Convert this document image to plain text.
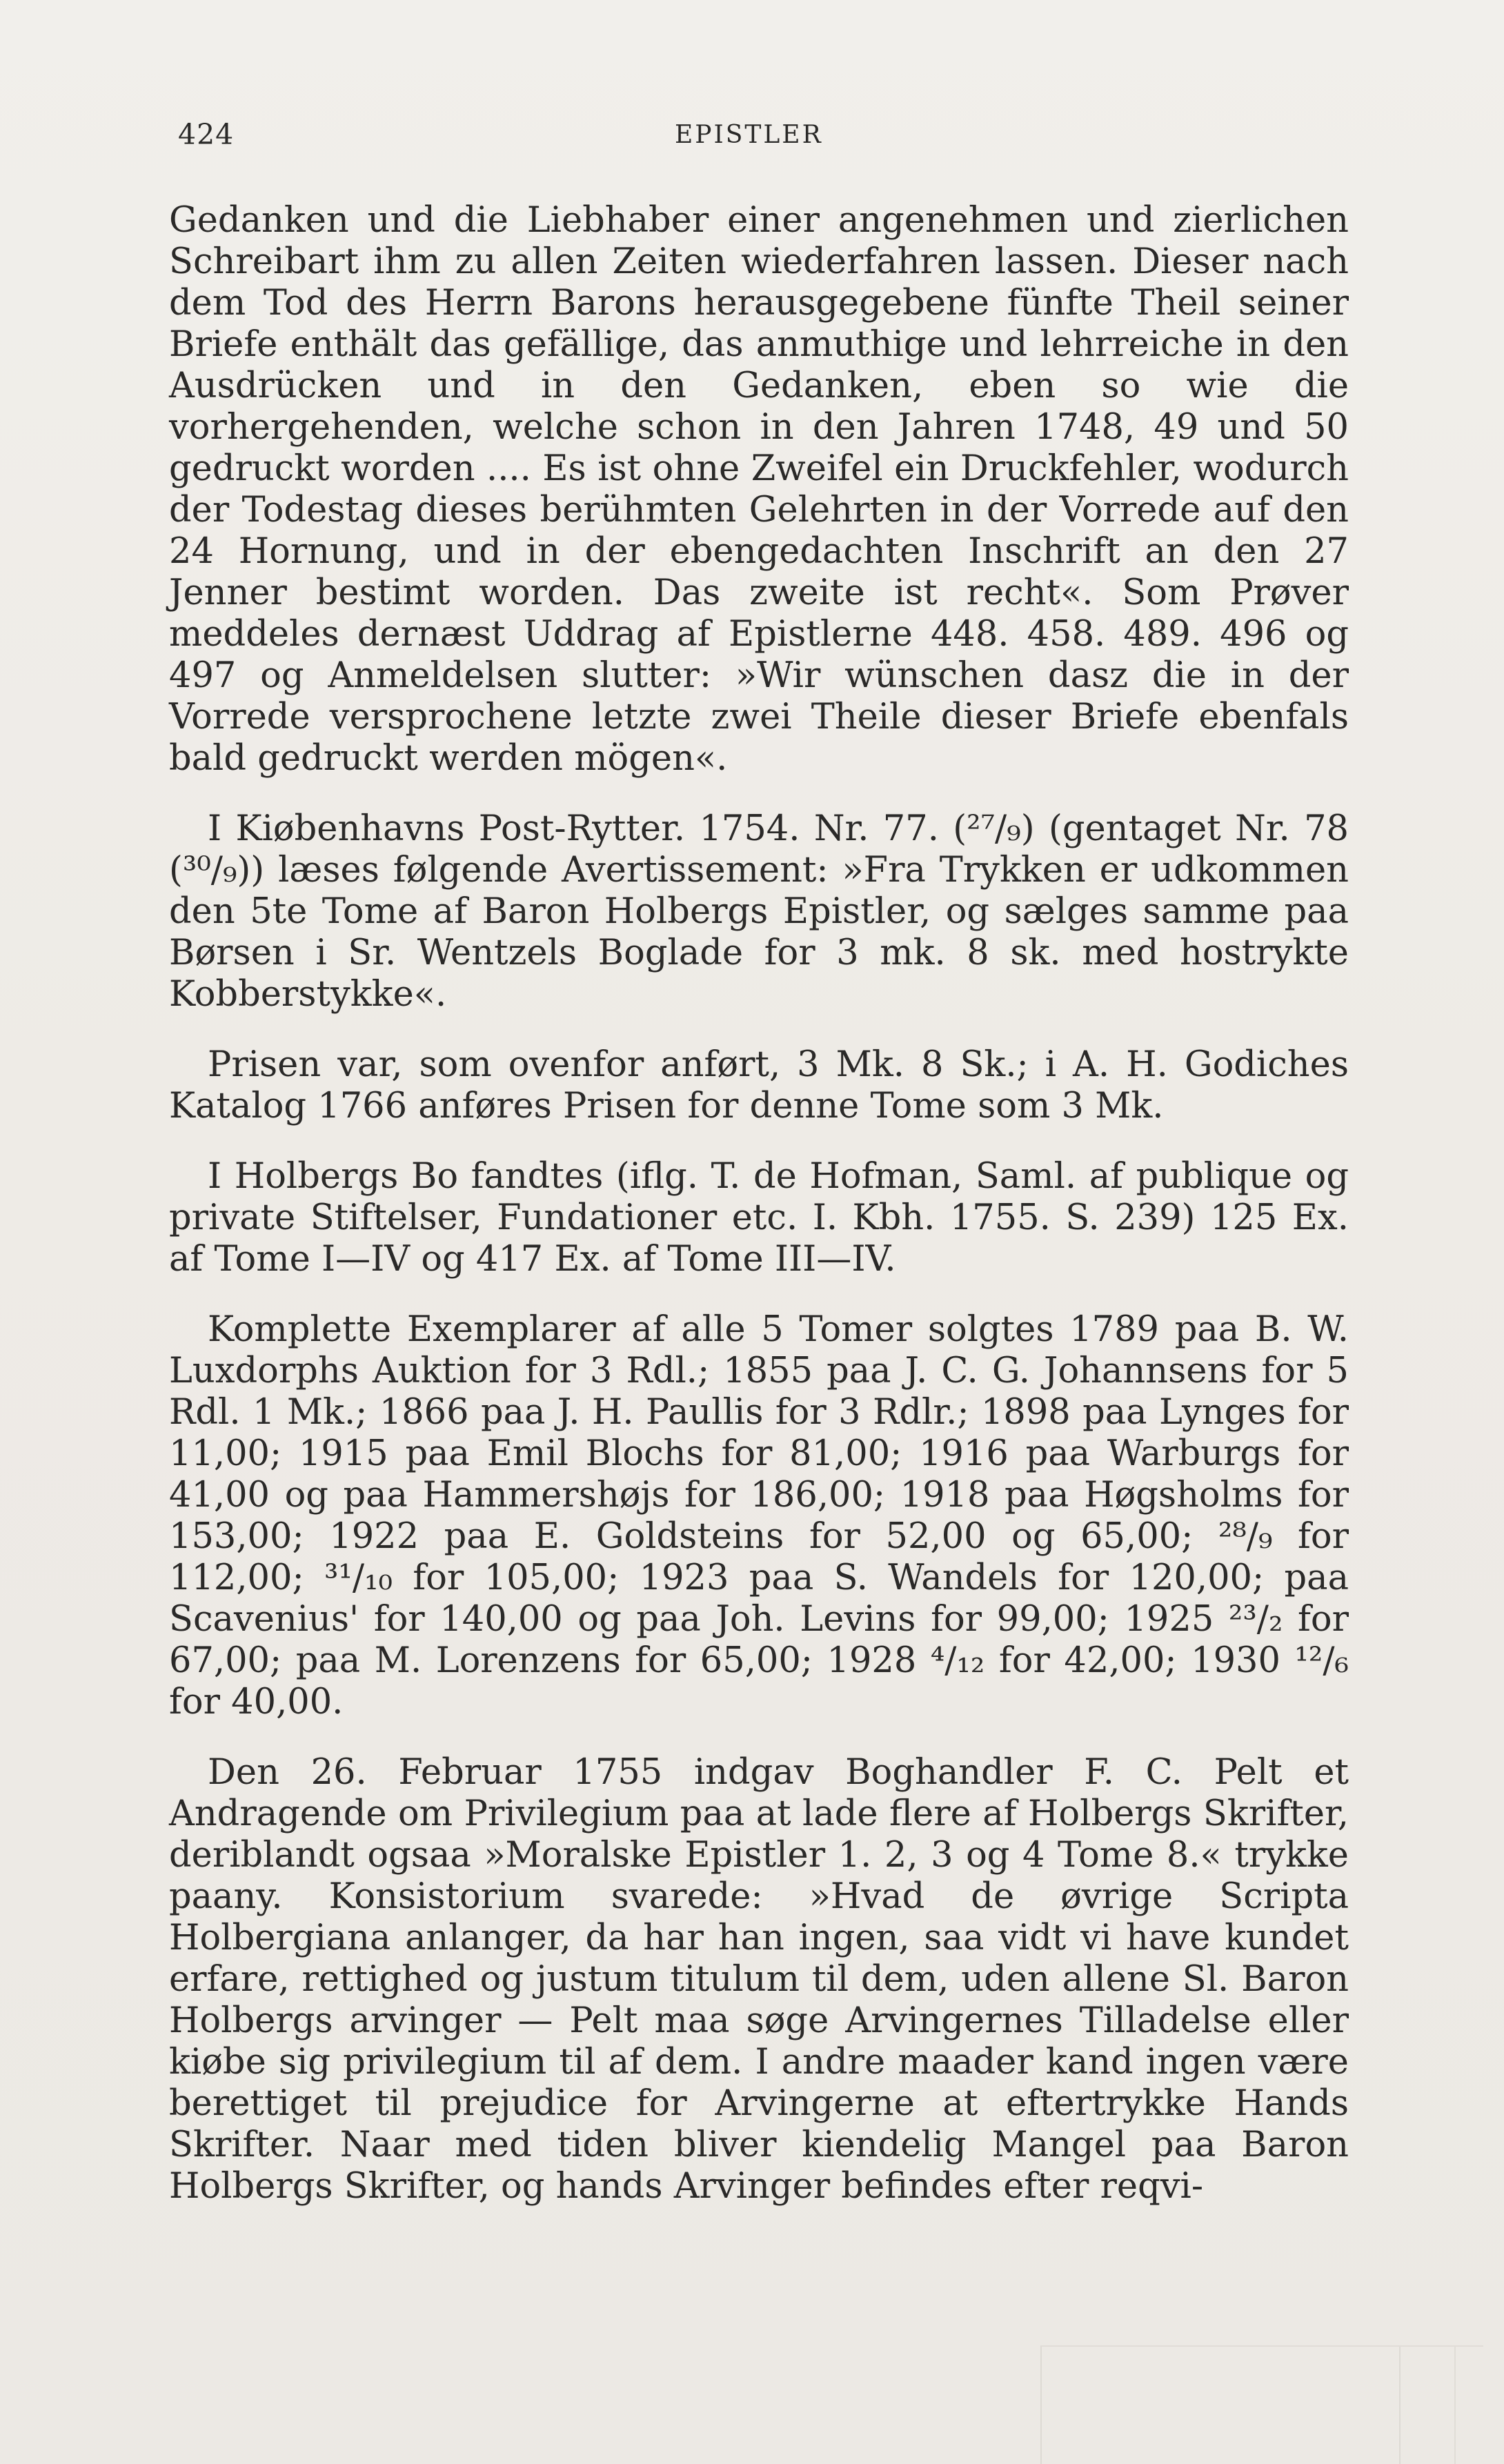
424	EPISTLER

Gedanken und die Liebhaber einer angenehmen und zierlichen Schreibart ihm zu allen Zeiten wiederfahren lassen. Dieser nach dem Tod des Herrn Barons herausgegebene fünfte Theil seiner Briefe enthält das gefällige, das anmuthige und lehrreiche in den Ausdrücken und in den Gedanken, eben so wie die vorhergehenden, welche schon in den Jahren 1748, 49 und 50 gedruckt worden .... Es ist ohne Zweifel ein Druckfehler, wodurch der Todestag dieses berühmten Gelehrten in der Vorrede auf den 24 Hornung, und in der ebengedachten Inschrift an den 27 Jenner bestimt worden. Das zweite ist recht«. Som Prøver meddeles dernæst Uddrag af Epistlerne 448. 458. 489. 496 og 497 og Anmeldelsen slutter: »Wir wünschen dasz die in der Vorrede versprochene letzte zwei Theile dieser Briefe ebenfals bald gedruckt werden mögen«.

I Kiøbenhavns Post-Rytter. 1754. Nr. 77. (²⁷/₉) (gentaget Nr. 78 (³⁰/₉)) læses følgende Avertissement: »Fra Trykken er udkommen den 5te Tome af Baron Holbergs Epistler, og sælges samme paa Børsen i Sr. Wentzels Boglade for 3 mk. 8 sk. med hostrykte Kobberstykke«.

Prisen var, som ovenfor anført, 3 Mk. 8 Sk.; i A. H. Godiches Katalog 1766 anføres Prisen for denne Tome som 3 Mk.

I Holbergs Bo fandtes (iflg. T. de Hofman, Saml. af publique og private Stiftelser, Fundationer etc. I. Kbh. 1755. S. 239) 125 Ex. af Tome I—IV og 417 Ex. af Tome III—IV.

Komplette Exemplarer af alle 5 Tomer solgtes 1789 paa B. W. Luxdorphs Auktion for 3 Rdl.; 1855 paa J. C. G. Johannsens for 5 Rdl. 1 Mk.; 1866 paa J. H. Paullis for 3 Rdlr.; 1898 paa Lynges for 11,00; 1915 paa Emil Blochs for 81,00; 1916 paa Warburgs for 41,00 og paa Hammershøjs for 186,00; 1918 paa Høgsholms for 153,00; 1922 paa E. Goldsteins for 52,00 og 65,00; ²⁸/₉ for 112,00; ³¹/₁₀ for 105,00; 1923 paa S. Wandels for 120,00; paa Scavenius' for 140,00 og paa Joh. Levins for 99,00; 1925 ²³/₂ for 67,00; paa M. Lorenzens for 65,00; 1928 ⁴/₁₂ for 42,00; 1930 ¹²/₆ for 40,00.

Den 26. Februar 1755 indgav Boghandler F. C. Pelt et Andragende om Privilegium paa at lade flere af Holbergs Skrifter, deriblandt ogsaa »Moralske Epistler 1. 2, 3 og 4 Tome 8.« trykke paany. Konsistorium svarede: »Hvad de øvrige Scripta Holbergiana anlanger, da har han ingen, saa vidt vi have kundet erfare, rettighed og justum titulum til dem, uden allene Sl. Baron Holbergs arvinger — Pelt maa søge Arvingernes Tilladelse eller kiøbe sig privilegium til af dem. I andre maader kand ingen være berettiget til prejudice for Arvingerne at eftertrykke Hands Skrifter. Naar med tiden bliver kiendelig Mangel paa Baron Holbergs Skrifter, og hands Arvinger befindes efter reqvi-
